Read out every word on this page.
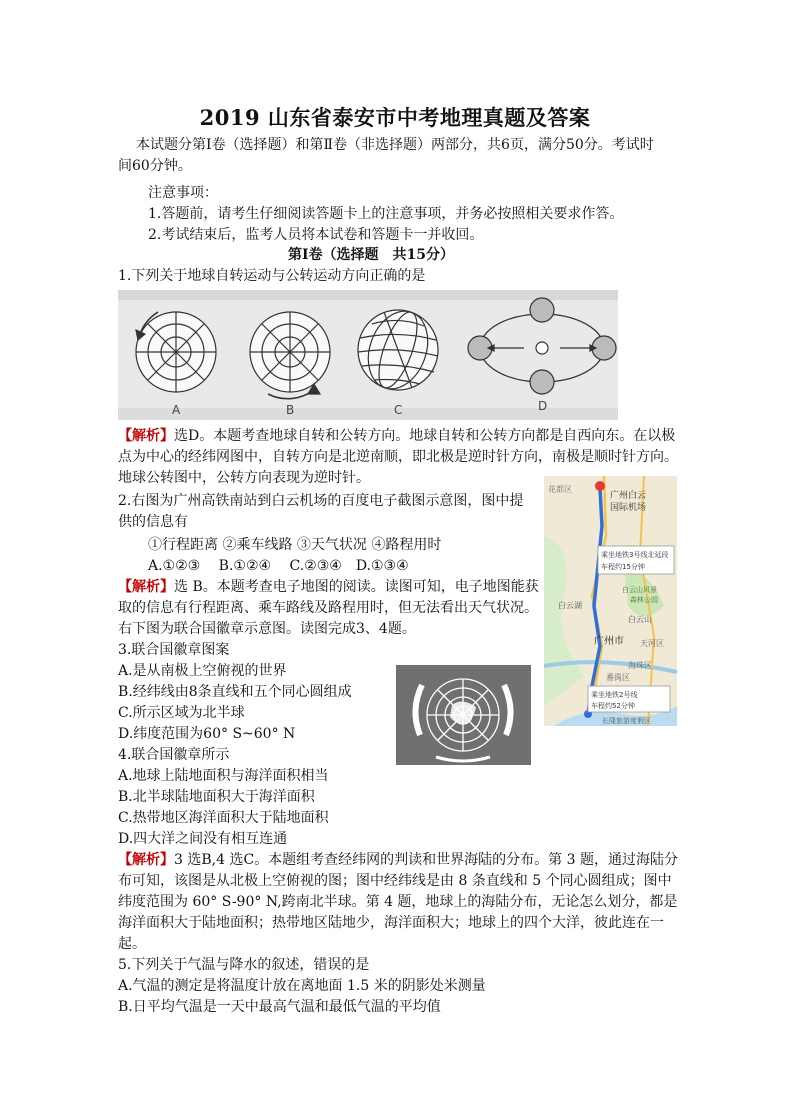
2019 山东省泰安市中考地理真题及答案
本试题分第Ⅰ卷（选择题）和第Ⅱ卷（非选择题）两部分，共6页，满分50分。考试时
间60分钟。
注意事项：
1.答题前，请考生仔细阅读答题卡上的注意事项，并务必按照相关要求作答。
2.考试结束后，监考人员将本试卷和答题卡一并收回。
第Ⅰ卷（选择题　共15分）
1.下列关于地球自转运动与公转运动方向正确的是
A	B	C	D
【解析】选D。本题考查地球自转和公转方向。地球自转和公转方向都是自西向东。在以极
点为中心的经纬网图中，自转方向是北逆南顺，即北极是逆时针方向，南极是顺时针方向。
地球公转图中，公转方向表现为逆时针。
2.右图为广州高铁南站到白云机场的百度电子截图示意图，图中提
供的信息有
①行程距离 ②乘车线路 ③天气状况 ④路程用时
A.①②③　 B.①②④　 C.②③④　D.①③④
【解析】选 B。本题考查电子地图的阅读。读图可知，电子地图能获
取的信息有行程距离、乘车路线及路程用时，但无法看出天气状况。
花都区
广州白云
国际机场
乘坐地铁3号线北延段
车程约15分钟
白云山风景
森林公园
白云湖
白云山
广州市 天河区
海珠区
番禺区
乘坐地铁2号线
车程约52分钟
长隆旅游度假区
右下图为联合国徽章示意图。读图完成3、4题。
3.联合国徽章图案
A.是从南极上空俯视的世界
B.经纬线由8条直线和五个同心圆组成
C.所示区域为北半球
D.纬度范围为60° S~60° N
4.联合国徽章所示
A.地球上陆地面积与海洋面积相当
B.北半球陆地面积大于海洋面积
C.热带地区海洋面积大于陆地面积
D.四大洋之间没有相互连通
【解析】3 选B,4 选C。本题组考查经纬网的判读和世界海陆的分布。第 3 题，通过海陆分
布可知，该图是从北极上空俯视的图；图中经纬线是由 8 条直线和 5 个同心圆组成；图中
纬度范围为 60° S-90° N,跨南北半球。第 4 题，地球上的海陆分布，无论怎么划分，都是
海洋面积大于陆地面积；热带地区陆地少，海洋面积大；地球上的四个大洋，彼此连在一
起。
5.下列关于气温与降水的叙述，错误的是
A.气温的测定是将温度计放在离地面 1.5 米的阴影处米测量
B.日平均气温是一天中最高气温和最低气温的平均值
